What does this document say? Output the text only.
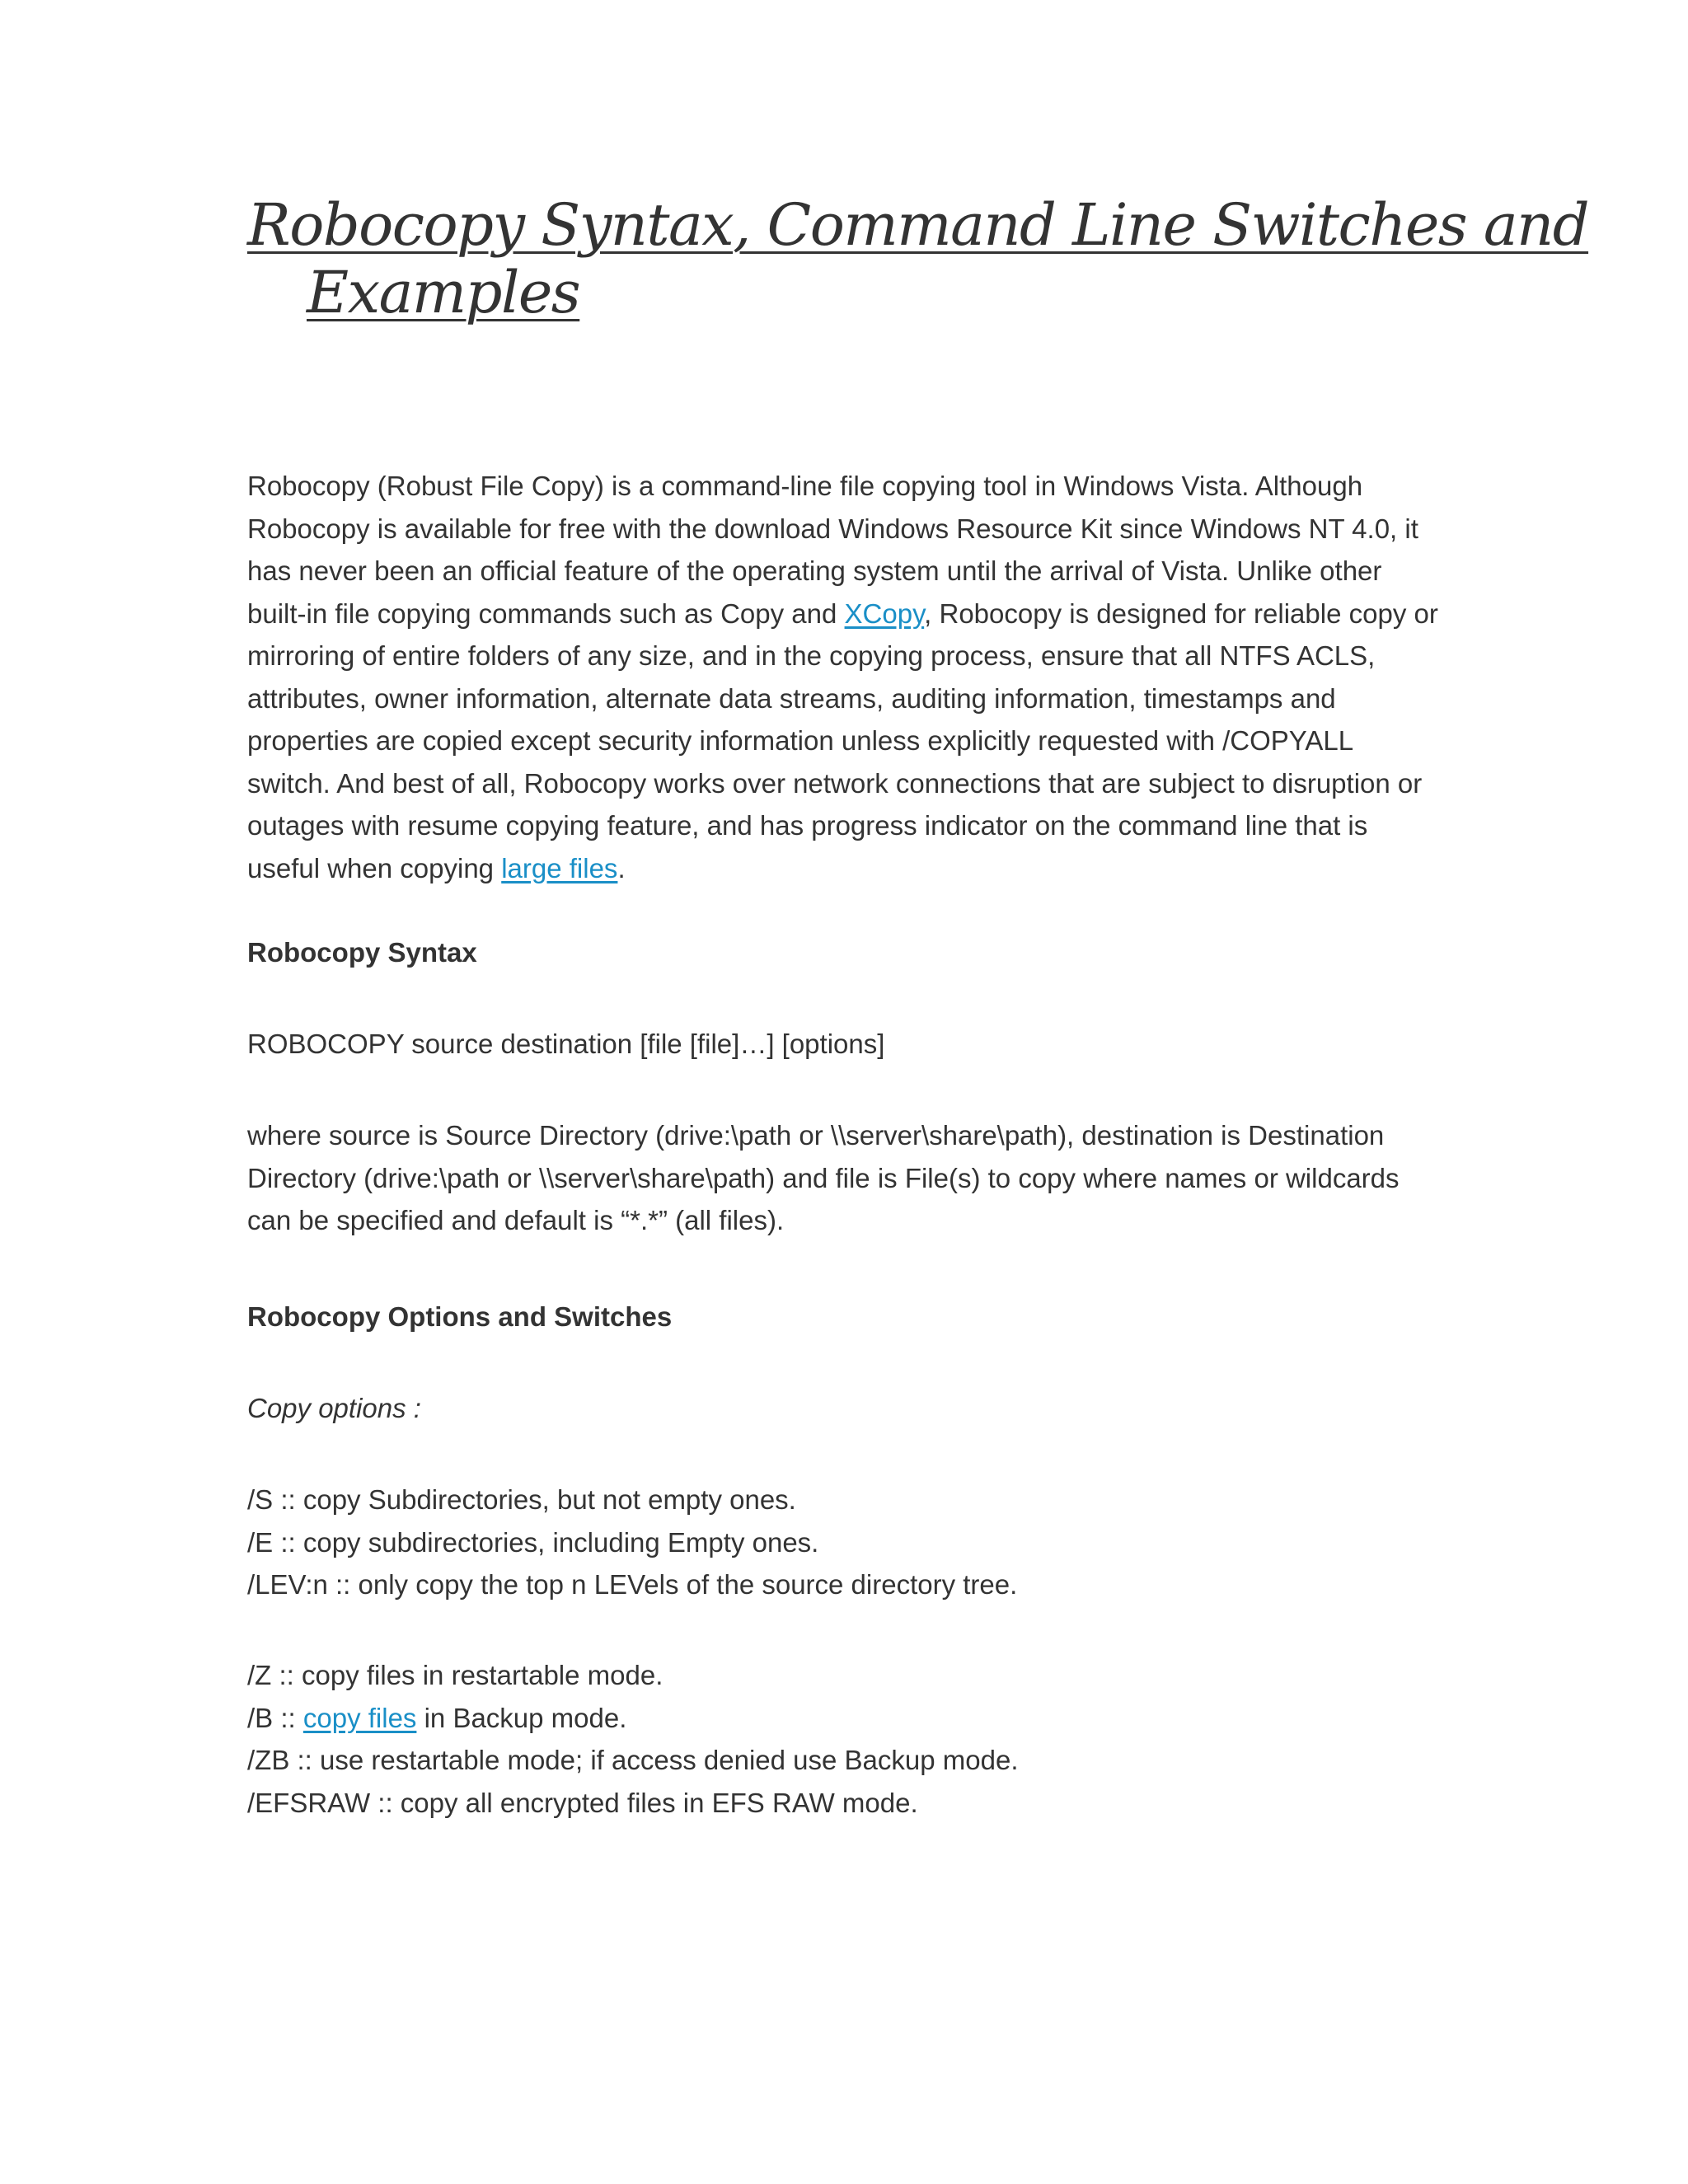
Robocopy Syntax, Command Line Switches and
Examples

Robocopy (Robust File Copy) is a command-line file copying tool in Windows Vista. Although Robocopy is available for free with the download Windows Resource Kit since Windows NT 4.0, it has never been an official feature of the operating system until the arrival of Vista. Unlike other built-in file copying commands such as Copy and XCopy, Robocopy is designed for reliable copy or mirroring of entire folders of any size, and in the copying process, ensure that all NTFS ACLS, attributes, owner information, alternate data streams, auditing information, timestamps and properties are copied except security information unless explicitly requested with /COPYALL switch. And best of all, Robocopy works over network connections that are subject to disruption or outages with resume copying feature, and has progress indicator on the command line that is useful when copying large files.

Robocopy Syntax

ROBOCOPY source destination [file [file]…] [options]

where source is Source Directory (drive:\path or \\server\share\path), destination is Destination Directory (drive:\path or \\server\share\path) and file is File(s) to copy where names or wildcards can be specified and default is “*.*” (all files).

Robocopy Options and Switches

Copy options :

/S :: copy Subdirectories, but not empty ones.
/E :: copy subdirectories, including Empty ones.
/LEV:n :: only copy the top n LEVels of the source directory tree.

/Z :: copy files in restartable mode.
/B :: copy files in Backup mode.
/ZB :: use restartable mode; if access denied use Backup mode.
/EFSRAW :: copy all encrypted files in EFS RAW mode.
